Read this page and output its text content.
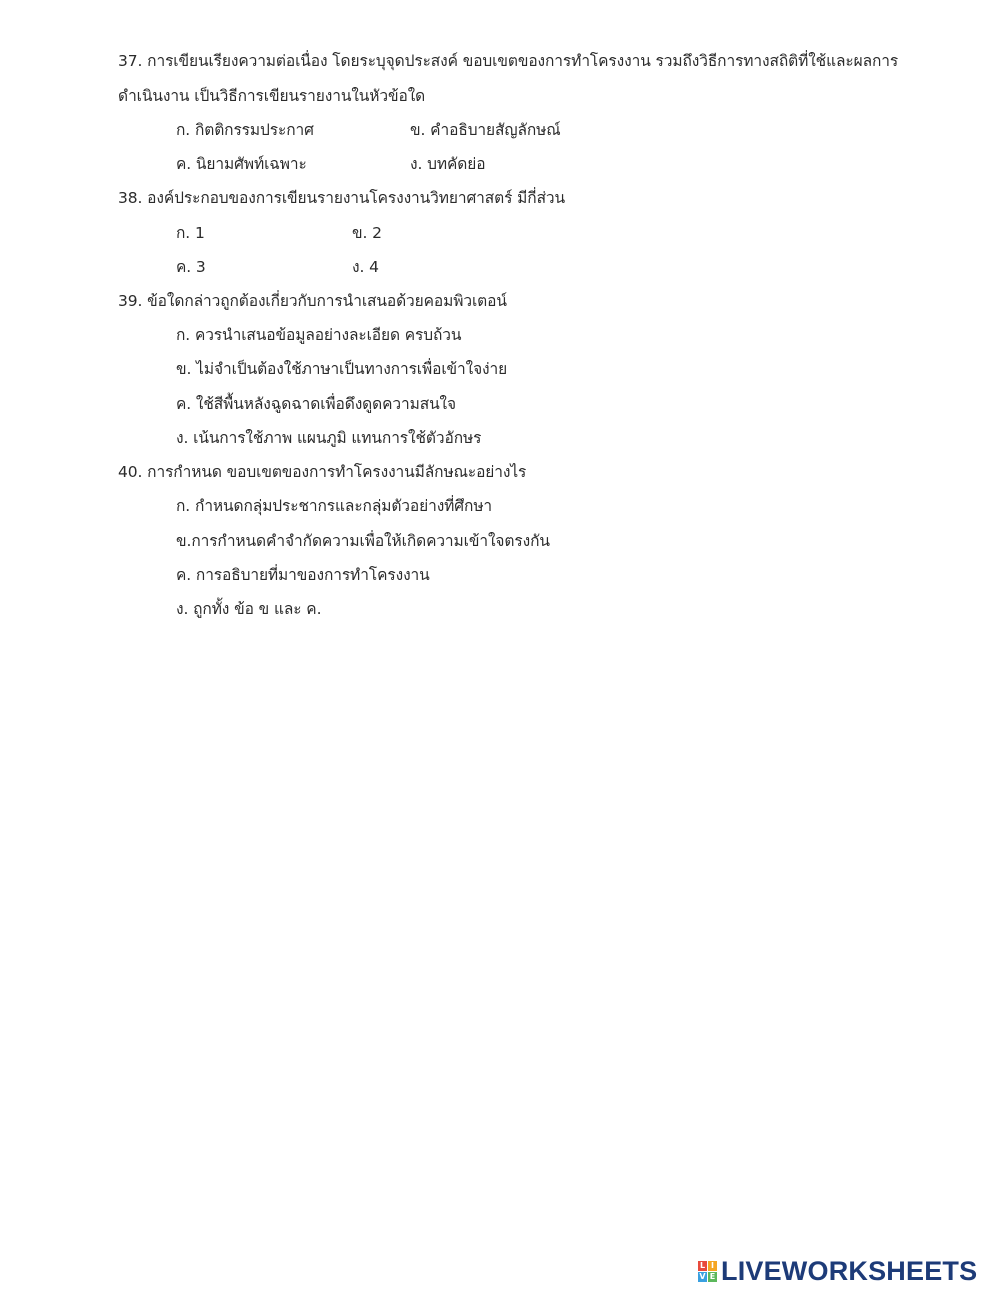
37. การเขียนเรียงความต่อเนื่อง โดยระบุจุดประสงค์ ขอบเขตของการทำโครงงาน รวมถึงวิธีการทางสถิติที่ใช้และผลการ
ดำเนินงาน เป็นวิธีการเขียนรายงานในหัวข้อใด
ก. กิตติกรรมประกาศ	ข. คำอธิบายสัญลักษณ์
ค. นิยามศัพท์เฉพาะ	ง. บทคัดย่อ
38. องค์ประกอบของการเขียนรายงานโครงงานวิทยาศาสตร์ มีกี่ส่วน
ก. 1	ข. 2
ค. 3	ง. 4
39. ข้อใดกล่าวถูกต้องเกี่ยวกับการนำเสนอด้วยคอมพิวเตอน์
ก. ควรนำเสนอข้อมูลอย่างละเอียด ครบถ้วน
ข. ไม่จำเป็นต้องใช้ภาษาเป็นทางการเพื่อเข้าใจง่าย
ค. ใช้สีพื้นหลังฉูดฉาดเพื่อดึงดูดความสนใจ
ง. เน้นการใช้ภาพ แผนภูมิ แทนการใช้ตัวอักษร
40. การกำหนด ขอบเขตของการทำโครงงานมีลักษณะอย่างไร
ก. กำหนดกลุ่มประชากรและกลุ่มตัวอย่างที่ศึกษา
ข.การกำหนดคำจำกัดความเพื่อให้เกิดความเข้าใจตรงกัน
ค. การอธิบายที่มาของการทำโครงงาน
ง. ถูกทั้ง ข้อ ข และ ค.
L I
V E LIVEWORKSHEETS
